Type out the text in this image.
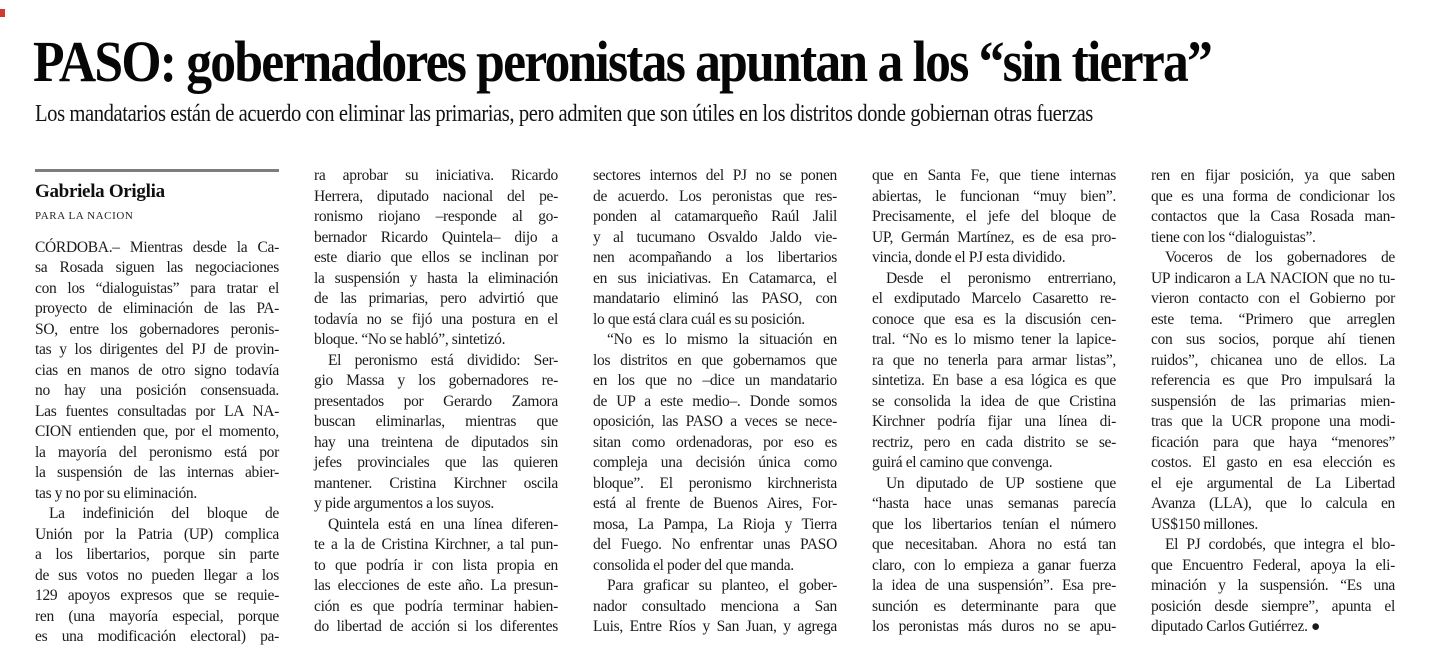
PASO: gobernadores peronistas apuntan a los “sin tierra”

Los mandatarios están de acuerdo con eliminar las primarias, pero admiten que son útiles en los distritos donde gobiernan otras fuerzas

Gabriela Origlia
PARA LA NACION
CÓRDOBA.– Mientras desde la Ca-
sa Rosada siguen las negociaciones
con los “dialoguistas” para tratar el
proyecto de eliminación de las PA-
SO, entre los gobernadores peronis-
tas y los dirigentes del PJ de provin-
cias en manos de otro signo todavía
no hay una posición consensuada.
Las fuentes consultadas por LA NA-
CION entienden que, por el momento,
la mayoría del peronismo está por
la suspensión de las internas abier-
tas y no por su eliminación.
La indefinición del bloque de
Unión por la Patria (UP) complica
a los libertarios, porque sin parte
de sus votos no pueden llegar a los
129 apoyos expresos que se requie-
ren (una mayoría especial, porque
es una modificación electoral) pa-
ra aprobar su iniciativa. Ricardo
Herrera, diputado nacional del pe-
ronismo riojano –responde al go-
bernador Ricardo Quintela– dijo a
este diario que ellos se inclinan por
la suspensión y hasta la eliminación
de las primarias, pero advirtió que
todavía no se fijó una postura en el
bloque. “No se habló”, sintetizó.
El peronismo está dividido: Ser-
gio Massa y los gobernadores re-
presentados por Gerardo Zamora
buscan eliminarlas, mientras que
hay una treintena de diputados sin
jefes provinciales que las quieren
mantener. Cristina Kirchner oscila
y pide argumentos a los suyos.
Quintela está en una línea diferen-
te a la de Cristina Kirchner, a tal pun-
to que podría ir con lista propia en
las elecciones de este año. La presun-
ción es que podría terminar habien-
do libertad de acción si los diferentes
sectores internos del PJ no se ponen
de acuerdo. Los peronistas que res-
ponden al catamarqueño Raúl Jalil
y al tucumano Osvaldo Jaldo vie-
nen acompañando a los libertarios
en sus iniciativas. En Catamarca, el
mandatario eliminó las PASO, con
lo que está clara cuál es su posición.
“No es lo mismo la situación en
los distritos en que gobernamos que
en los que no –dice un mandatario
de UP a este medio–. Donde somos
oposición, las PASO a veces se nece-
sitan como ordenadoras, por eso es
compleja una decisión única como
bloque”. El peronismo kirchnerista
está al frente de Buenos Aires, For-
mosa, La Pampa, La Rioja y Tierra
del Fuego. No enfrentar unas PASO
consolida el poder del que manda.
Para graficar su planteo, el gober-
nador consultado menciona a San
Luis, Entre Ríos y San Juan, y agrega
que en Santa Fe, que tiene internas
abiertas, le funcionan “muy bien”.
Precisamente, el jefe del bloque de
UP, Germán Martínez, es de esa pro-
vincia, donde el PJ esta dividido.
Desde el peronismo entrerriano,
el exdiputado Marcelo Casaretto re-
conoce que esa es la discusión cen-
tral. “No es lo mismo tener la lapice-
ra que no tenerla para armar listas”,
sintetiza. En base a esa lógica es que
se consolida la idea de que Cristina
Kirchner podría fijar una línea di-
rectriz, pero en cada distrito se se-
guirá el camino que convenga.
Un diputado de UP sostiene que
“hasta hace unas semanas parecía
que los libertarios tenían el número
que necesitaban. Ahora no está tan
claro, con lo empieza a ganar fuerza
la idea de una suspensión”. Esa pre-
sunción es determinante para que
los peronistas más duros no se apu-
ren en fijar posición, ya que saben
que es una forma de condicionar los
contactos que la Casa Rosada man-
tiene con los “dialoguistas”.
Voceros de los gobernadores de
UP indicaron a LA NACION que no tu-
vieron contacto con el Gobierno por
este tema. “Primero que arreglen
con sus socios, porque ahí tienen
ruidos”, chicanea uno de ellos. La
referencia es que Pro impulsará la
suspensión de las primarias mien-
tras que la UCR propone una modi-
ficación para que haya “menores”
costos. El gasto en esa elección es
el eje argumental de La Libertad
Avanza (LLA), que lo calcula en
US$150 millones.
El PJ cordobés, que integra el blo-
que Encuentro Federal, apoya la eli-
minación y la suspensión. “Es una
posición desde siempre”, apunta el
diputado Carlos Gutiérrez. ●
